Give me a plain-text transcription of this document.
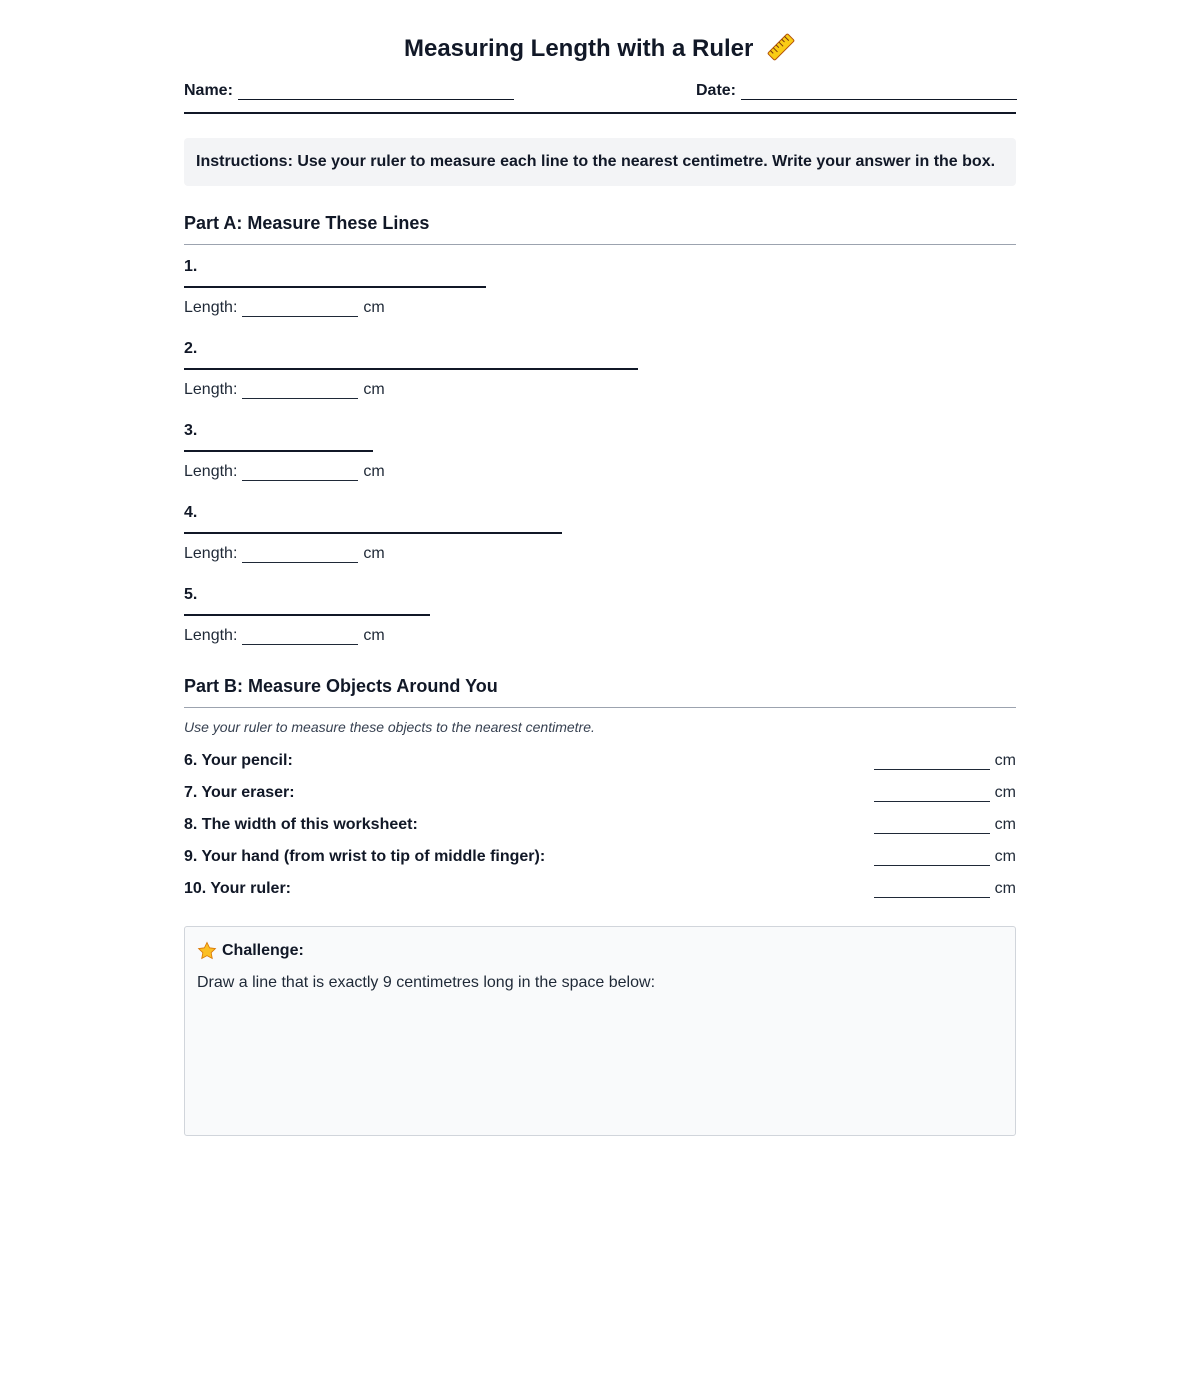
Measuring Length with a Ruler
Name:	Date:
Instructions: Use your ruler to measure each line to the nearest centimetre. Write your answer in the box.
Part A: Measure These Lines
1.
Length:	cm
2.
Length:	cm
3.
Length:	cm
4.
Length:	cm
5.
Length:	cm
Part B: Measure Objects Around You
Use your ruler to measure these objects to the nearest centimetre.
6. Your pencil:	cm
7. Your eraser:	cm
8. The width of this worksheet:	cm
9. Your hand (from wrist to tip of middle finger):	cm
10. Your ruler:	cm
Challenge:
Draw a line that is exactly 9 centimetres long in the space below:
